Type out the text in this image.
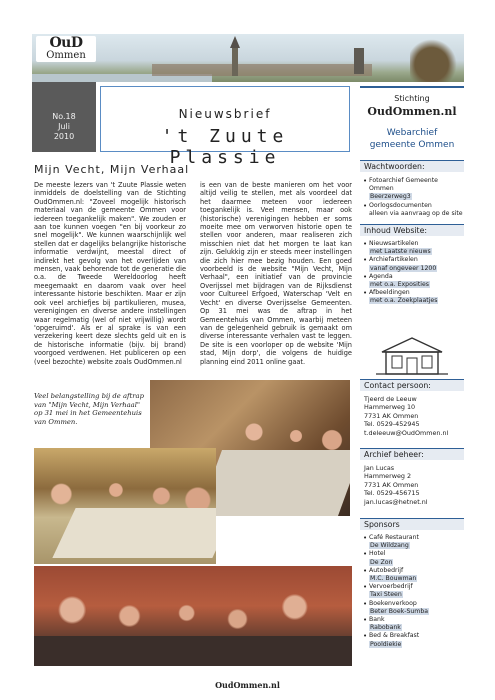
OuD
Ommen
No.18
Juli
2010
Nieuwsbrief
't Zuute Plassie
Stichting
OudOmmen.nl
Webarchief
gemeente Ommen
Mijn Vecht, Mijn Verhaal

De meeste lezers van 't Zuute Plassie weten inmiddels de doelstelling van de Stichting OudOmmen.nl: "Zoveel mogelijk historisch materiaal van de gemeente Ommen voor iedereen toegankelijk maken". We zouden er aan toe kunnen voegen "en bij voorkeur zo snel mogelijk". We kunnen waarschijnlijk wel stellen dat er dagelijks belangrijke historische informatie verdwijnt, meestal direct of indirekt het gevolg van het overlijden van mensen, vaak behorende tot de generatie die o.a. de Tweede Wereldoorlog heeft meegemaakt en daarom vaak over heel interessante historie beschikten. Maar er zijn ook veel archiefjes bij partikulieren, musea, verenigingen en diverse andere instellingen waar regelmatig (wel of niet vrijwillig) wordt 'opgeruimd'. Als er al sprake is van een verzekering keert deze slechts geld uit en is de historische informatie (bijv. bij brand) voorgoed verdwenen. Het publiceren op een (veel bezochte) website zoals OudOmmen.nl

is een van de beste manieren om het voor altijd veilig te stellen, met als voordeel dat het daarmee meteen voor iedereen toegankelijk is. Veel mensen, maar ook (historische) verenigingen hebben er soms moeite mee om verworven historie open te stellen voor anderen, maar realiseren zich misschien niet dat het morgen te laat kan zijn. Gelukkig zijn er steeds meer instellingen die zich hier mee bezig houden. Een goed voorbeeld is de website "Mijn Vecht, Mijn Verhaal", een initiatief van de provincie Overijssel met bijdragen van de Rijksdienst voor Cultureel Erfgoed, Waterschap 'Velt en Vecht' en diverse Overijsselse Gemeenten. Op 31 mei was de aftrap in het Gemeentehuis van Ommen, waarbij meteen van de gelegenheid gebruik is gemaakt om diverse interessante verhalen vast te leggen. De site is een voorloper op de website 'Mijn stad, Mijn dorp', die volgens de huidige planning eind 2011 online gaat.

Veel belangstelling bij de aftrap van "Mijn Vecht, Mijn Verhaal" op 31 mei in het Gemeentehuis van Ommen.
Wachtwoorden:
• Fotoarchief Gemeente Ommen
Beerzerweg3
• Oorlogsdocumenten
alleen via aanvraag op de site
Inhoud Website:
• Nieuwsartikelen
met Laatste nieuws
• Archiefartikelen
vanaf ongeveer 1200
• Agenda
met o.a. Exposities
• Afbeeldingen
met o.a. Zoekplaatjes
Contact persoon:
Tjeerd de Leeuw
Hammerweg 10
7731 AK Ommen
Tel. 0529-452945
t.deleeuw@OudOmmen.nl
Archief beheer:
Jan Lucas
Hammerweg 2
7731 AK Ommen
Tel. 0529-456715
jan.lucas@hetnet.nl
Sponsors
• Café Restaurant
De Wildzang
• Hotel
De Zon
• Autobedrijf
M.C. Bouwman
• Vervoerbedrijf
Taxi Steen
• Boekenverkoop
Beter Boek-Sumba
• Bank
Rabobank
• Bed & Breakfast
Pooldiekie
OudOmmen.nl
